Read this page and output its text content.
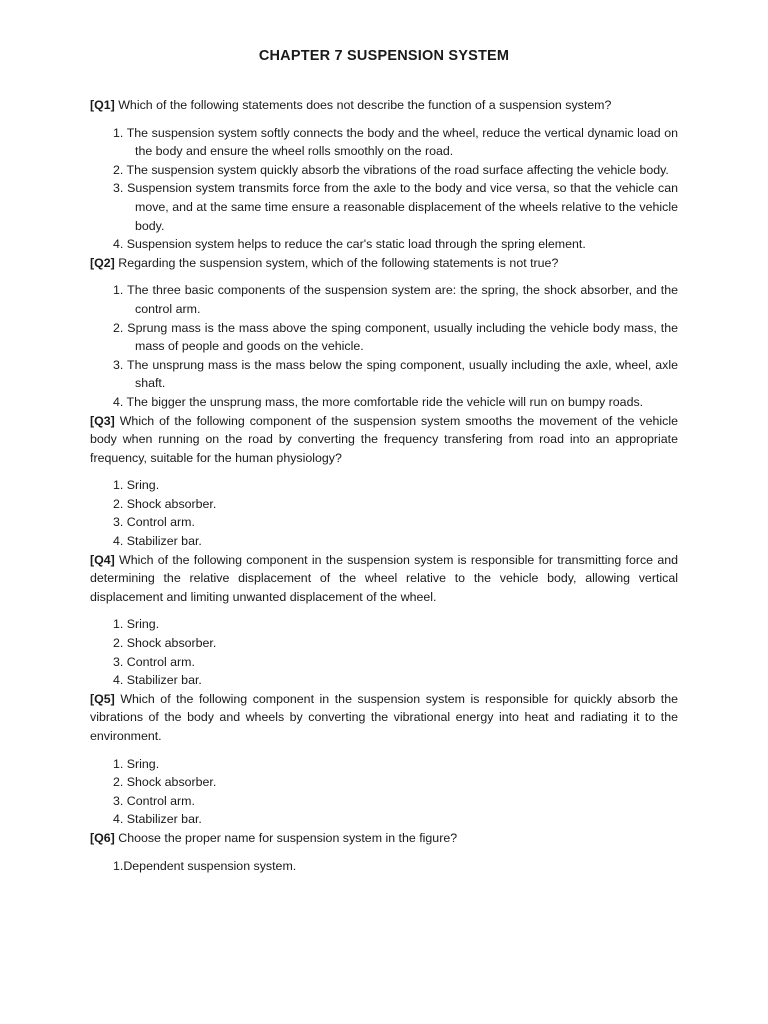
CHAPTER 7 SUSPENSION SYSTEM

[Q1] Which of the following statements does not describe the function of a suspension system?

1. The suspension system softly connects the body and the wheel, reduce the vertical dynamic load on the body and ensure the wheel rolls smoothly on the road.
2. The suspension system quickly absorb the vibrations of the road surface affecting the vehicle body.
3. Suspension system transmits force from the axle to the body and vice versa, so that the vehicle can move, and at the same time ensure a reasonable displacement of the wheels relative to the vehicle body.
4. Suspension system helps to reduce the car's static load through the spring element.

[Q2] Regarding the suspension system, which of the following statements is not true?

1. The three basic components of the suspension system are: the spring, the shock absorber, and the control arm.
2. Sprung mass is the mass above the sping component, usually including the vehicle body mass, the mass of people and goods on the vehicle.
3. The unsprung mass is the mass below the sping component, usually including the axle, wheel, axle shaft.
4. The bigger the unsprung mass, the more comfortable ride the vehicle will run on bumpy roads.

[Q3] Which of the following component of the suspension system smooths the movement of the vehicle body when running on the road by converting the frequency transfering from road into an appropriate frequency, suitable for the human physiology?

1. Sring.
2. Shock absorber.
3. Control arm.
4. Stabilizer bar.

[Q4] Which of the following component in the suspension system is responsible for transmitting force and determining the relative displacement of the wheel relative to the vehicle body, allowing vertical displacement and limiting unwanted displacement of the wheel.

1. Sring.
2. Shock absorber.
3. Control arm.
4. Stabilizer bar.

[Q5] Which of the following component in the suspension system is responsible for quickly absorb the vibrations of the body and wheels by converting the vibrational energy into heat and radiating it to the environment.

1. Sring.
2. Shock absorber.
3. Control arm.
4. Stabilizer bar.

[Q6] Choose the proper name for suspension system in the figure?

1.Dependent suspension system.
